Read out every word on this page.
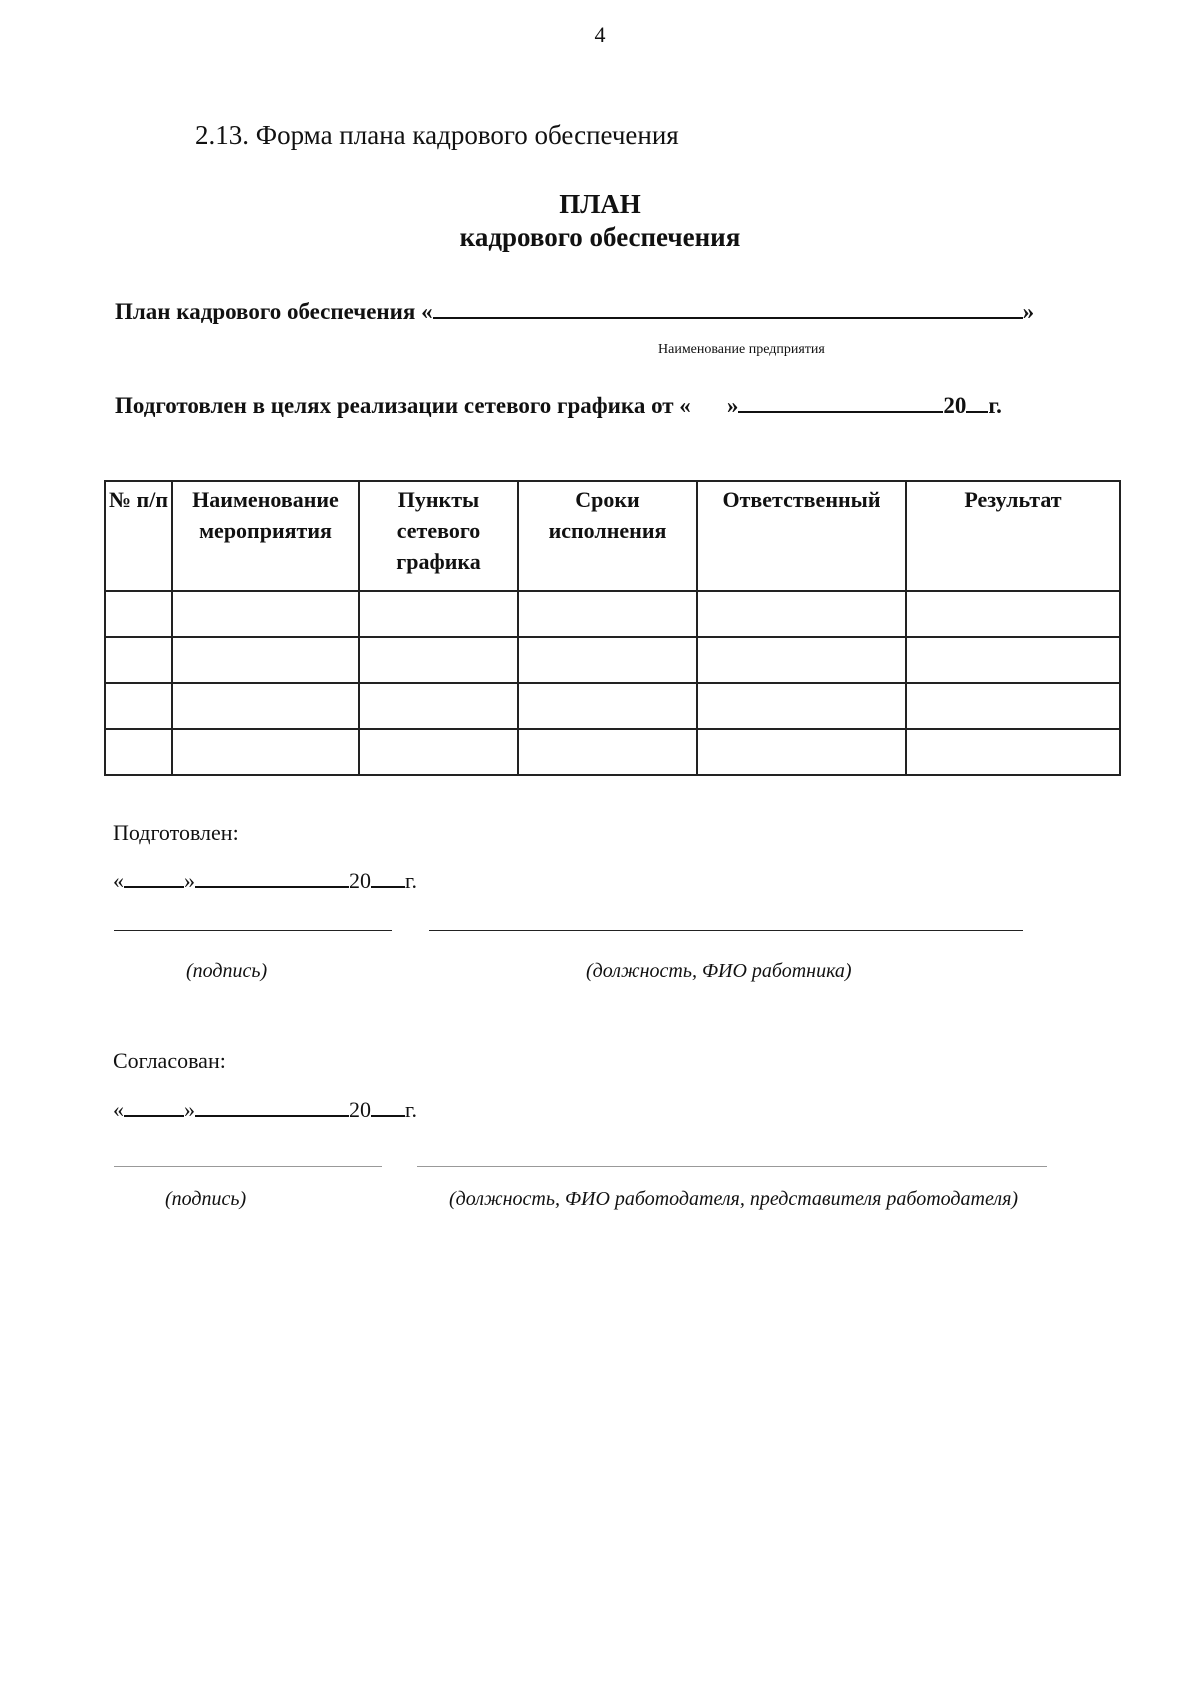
4
2.13. Форма плана кадрового обеспечения
ПЛАН
кадрового обеспечения
План кадрового обеспечения «	»
Наименование предприятия
Подготовлен в целях реализации сетевого графика от « »	20 г.
№ п/п	Наименование мероприятия	Пункты сетевого графика	Сроки исполнения	Ответственный	Результат

Подготовлен:
«	»	20 г.
(подпись)	(должность, ФИО работника)
Согласован:
«	»	20 г.
(подпись)	(должность, ФИО работодателя, представителя работодателя)
